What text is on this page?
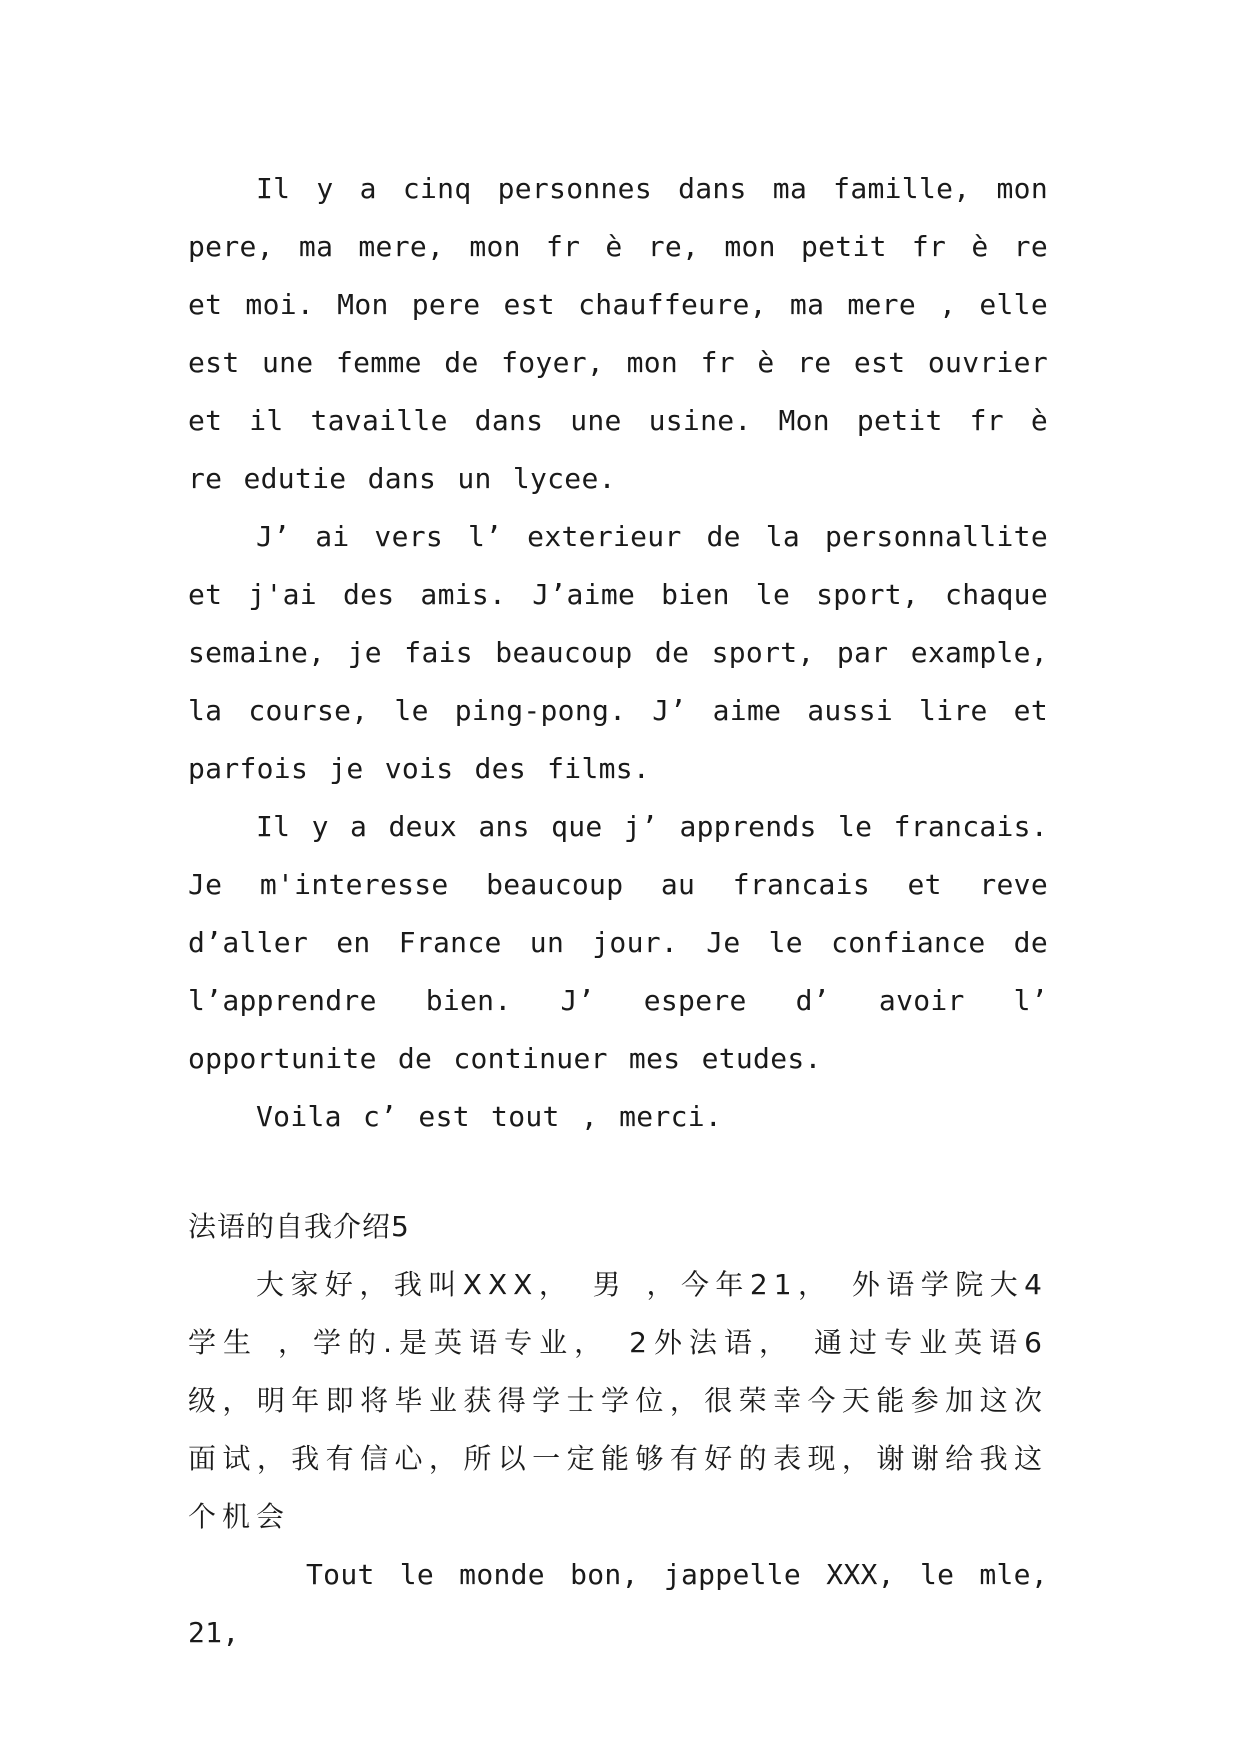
Il y a cinq personnes dans ma famille, mon pere, ma mere, mon fr è re, mon petit fr è re et moi. Mon pere est chauffeure, ma mere , elle est une femme de foyer, mon fr è re est ouvrier et il tavaille dans une usine. Mon petit fr è re edutie dans un lycee.

J’ ai vers l’ exterieur de la personnallite et j'ai des amis. J’aime bien le sport, chaque semaine, je fais beaucoup de sport, par example, la course, le ping-pong. J’ aime aussi lire et parfois je vois des films.

Il y a deux ans que j’ apprends le francais. Je m'interesse beaucoup au francais et reve d’aller en France un jour. Je le confiance de l’apprendre bien. J’ espere d’ avoir l’ opportunite de continuer mes etudes.

Voila c’ est tout , merci.

法语的自我介绍5

大家好，我叫XXX， 男 ，今年21， 外语学院大4学生 ，学的.是英语专业， 2外法语， 通过专业英语6级，明年即将毕业获得学士学位，很荣幸今天能参加这次面试，我有信心，所以一定能够有好的表现，谢谢给我这个机会

Tout le monde bon, jappelle XXX, le mle, 21,
